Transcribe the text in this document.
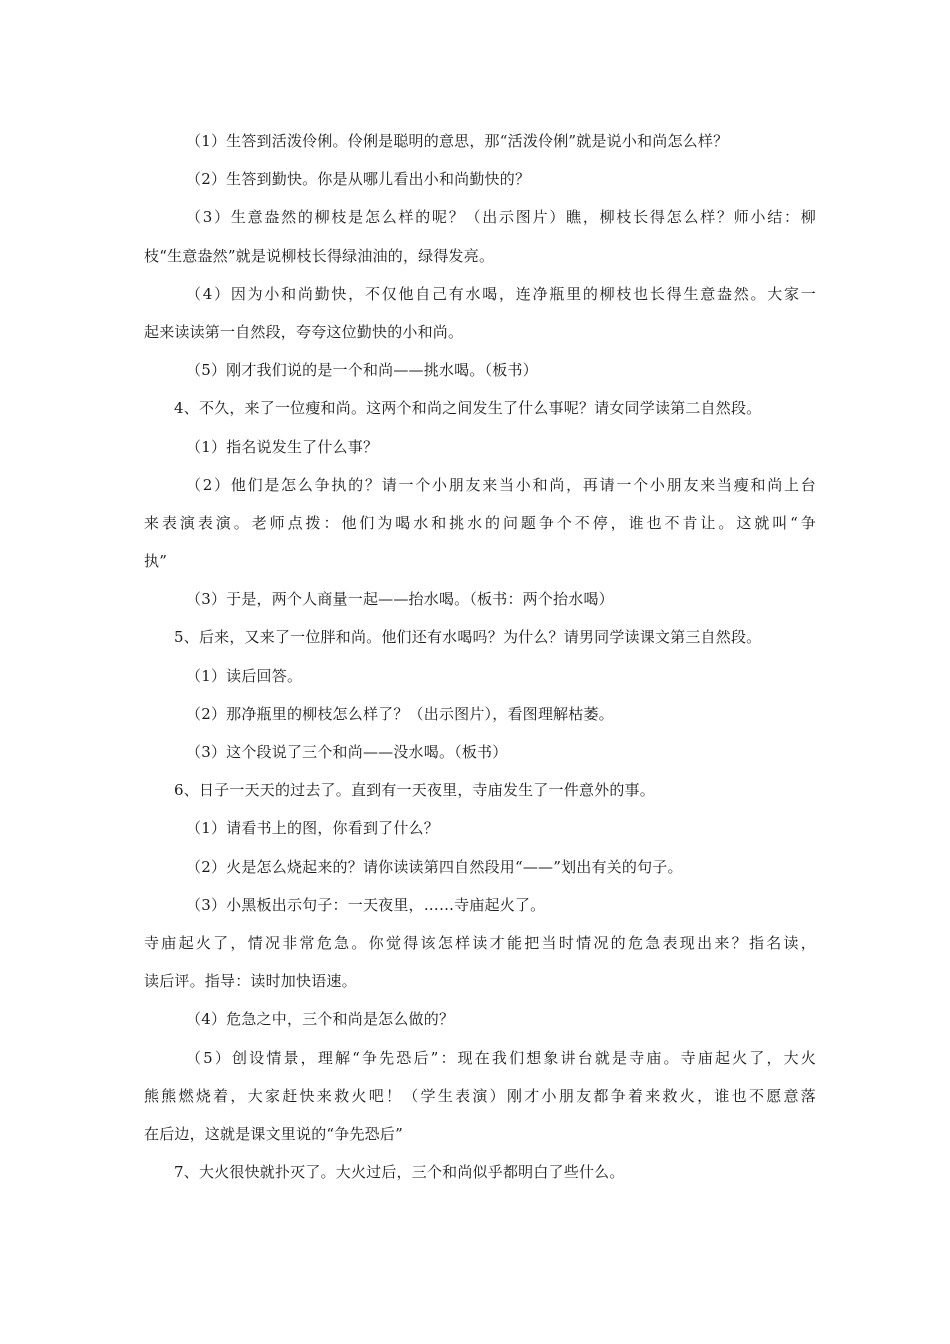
（1）生答到活泼伶俐。伶俐是聪明的意思，那“活泼伶俐”就是说小和尚怎么样？
（2）生答到勤快。你是从哪儿看出小和尚勤快的？
（3）生意盎然的柳枝是怎么样的呢？（出示图片）瞧，柳枝长得怎么样？师小结：柳
枝“生意盎然”就是说柳枝长得绿油油的，绿得发亮。
（4）因为小和尚勤快，不仅他自己有水喝，连净瓶里的柳枝也长得生意盎然。大家一
起来读读第一自然段，夸夸这位勤快的小和尚。
（5）刚才我们说的是一个和尚——挑水喝。（板书）
4、不久，来了一位瘦和尚。这两个和尚之间发生了什么事呢？请女同学读第二自然段。
（1）指名说发生了什么事？
（2）他们是怎么争执的？请一个小朋友来当小和尚，再请一个小朋友来当瘦和尚上台
来表演表演。老师点拨：他们为喝水和挑水的问题争个不停，谁也不肯让。这就叫“争
执”
（3）于是，两个人商量一起——抬水喝。（板书：两个抬水喝）
5、后来，又来了一位胖和尚。他们还有水喝吗？为什么？请男同学读课文第三自然段。
（1）读后回答。
（2）那净瓶里的柳枝怎么样了？（出示图片），看图理解枯萎。
（3）这个段说了三个和尚——没水喝。（板书）
6、日子一天天的过去了。直到有一天夜里，寺庙发生了一件意外的事。
（1）请看书上的图，你看到了什么？
（2）火是怎么烧起来的？请你读读第四自然段用“——”划出有关的句子。
（3）小黑板出示句子：一天夜里，……寺庙起火了。
寺庙起火了，情况非常危急。你觉得该怎样读才能把当时情况的危急表现出来？指名读，
读后评。指导：读时加快语速。
（4）危急之中，三个和尚是怎么做的？
（5）创设情景，理解“争先恐后”：现在我们想象讲台就是寺庙。寺庙起火了，大火
熊熊燃烧着，大家赶快来救火吧！（学生表演）刚才小朋友都争着来救火，谁也不愿意落
在后边，这就是课文里说的“争先恐后”
7、大火很快就扑灭了。大火过后，三个和尚似乎都明白了些什么。
